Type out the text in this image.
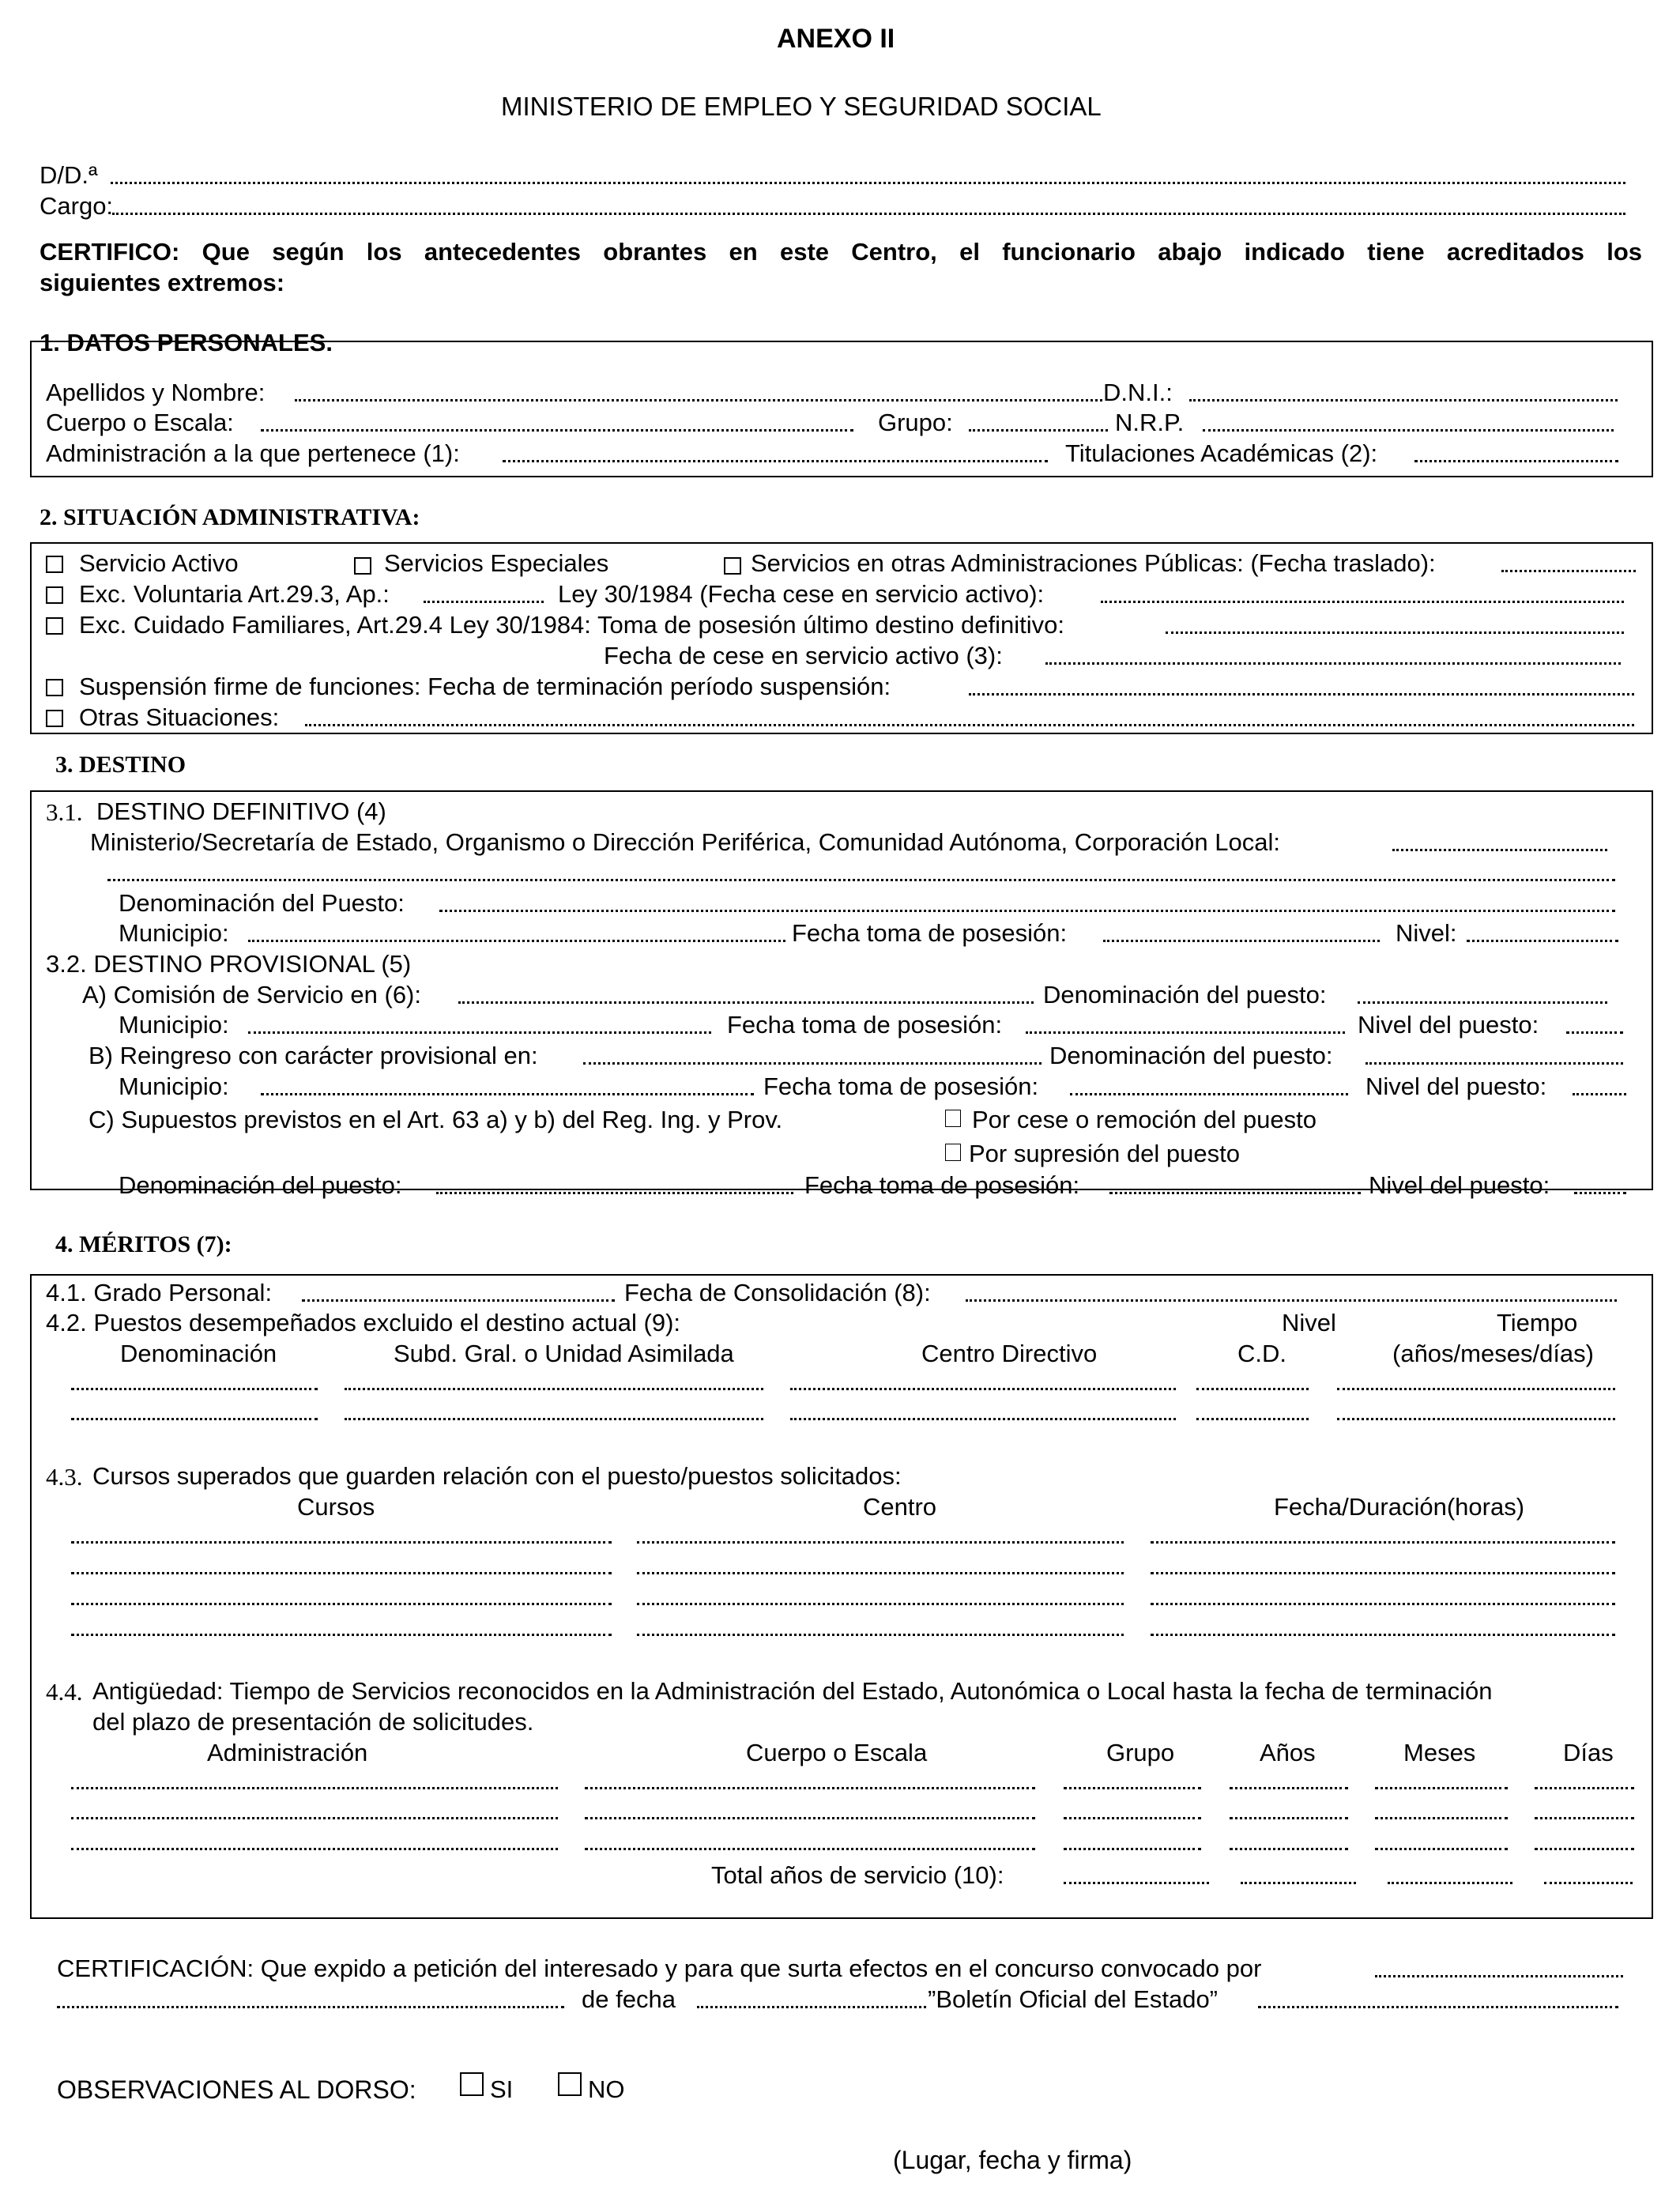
ANEXO II
MINISTERIO DE EMPLEO Y SEGURIDAD SOCIAL
D/D.ª
Cargo:
CERTIFICO: Que según los antecedentes obrantes en este Centro, el funcionario abajo indicado tiene acreditados los
siguientes extremos:
1. DATOS PERSONALES.
Apellidos y Nombre:	D.N.I.:
Cuerpo o Escala:	Grupo:	N.R.P.
Administración a la que pertenece (1):	Titulaciones Académicas (2):
2. SITUACIÓN ADMINISTRATIVA:
Servicio Activo	Servicios Especiales	Servicios en otras Administraciones Públicas: (Fecha traslado):
Exc. Voluntaria Art.29.3, Ap.:	Ley 30/1984 (Fecha cese en servicio activo):
Exc. Cuidado Familiares, Art.29.4 Ley 30/1984: Toma de posesión último destino definitivo:
Fecha de cese en servicio activo (3):
Suspensión firme de funciones: Fecha de terminación período suspensión:
Otras Situaciones:
3. DESTINO
3.1. DESTINO DEFINITIVO (4)
Ministerio/Secretaría de Estado, Organismo o Dirección Periférica, Comunidad Autónoma, Corporación Local:
Denominación del Puesto:
Municipio:	Fecha toma de posesión:	Nivel:
3.2. DESTINO PROVISIONAL (5)
A) Comisión de Servicio en (6):	Denominación del puesto:
Municipio:	Fecha toma de posesión:	Nivel del puesto:
B) Reingreso con carácter provisional en:	Denominación del puesto:
Municipio:	Fecha toma de posesión:	Nivel del puesto:
C) Supuestos previstos en el Art. 63 a) y b) del Reg. Ing. y Prov.	Por cese o remoción del puesto
Por supresión del puesto
Denominación del puesto:	Fecha toma de posesión:	Nivel del puesto:
4. MÉRITOS (7):
4.1. Grado Personal:	Fecha de Consolidación (8):
4.2. Puestos desempeñados excluido el destino actual (9):	Nivel	Tiempo
Denominación	Subd. Gral. o Unidad Asimilada	Centro Directivo	C.D.	(años/meses/días)
4.3. Cursos superados que guarden relación con el puesto/puestos solicitados:
Cursos	Centro	Fecha/Duración(horas)
4.4. Antigüedad: Tiempo de Servicios reconocidos en la Administración del Estado, Autonómica o Local hasta la fecha de terminación
del plazo de presentación de solicitudes.
Administración	Cuerpo o Escala	Grupo	Años	Meses	Días
Total años de servicio (10):
CERTIFICACIÓN: Que expido a petición del interesado y para que surta efectos en el concurso convocado por
de fecha	”Boletín Oficial del Estado”
OBSERVACIONES AL DORSO:	SI	NO
(Lugar, fecha y firma)
